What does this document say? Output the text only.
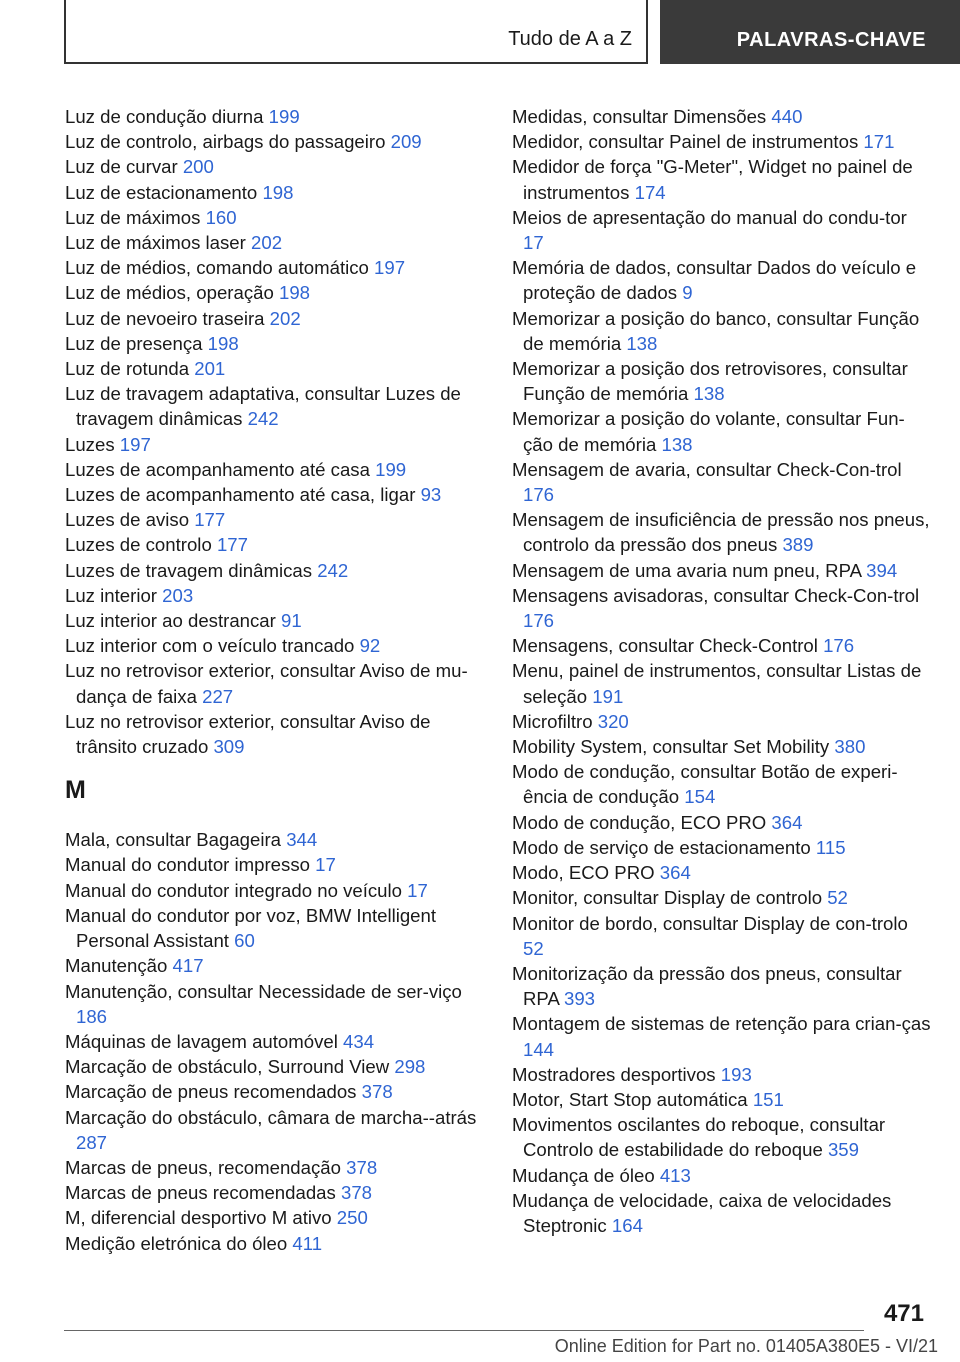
Tudo de A a Z	PALAVRAS-CHAVE

Luz de condução diurna 199

Luz de controlo, airbags do passageiro 209

Luz de curvar 200

Luz de estacionamento 198

Luz de máximos 160

Luz de máximos laser 202

Luz de médios, comando automático 197

Luz de médios, operação 198

Luz de nevoeiro traseira 202

Luz de presença 198

Luz de rotunda 201

Luz de travagem adaptativa, consultar Luzes de travagem dinâmicas 242

Luzes 197

Luzes de acompanhamento até casa 199

Luzes de acompanhamento até casa, ligar 93

Luzes de aviso 177

Luzes de controlo 177

Luzes de travagem dinâmicas 242

Luz interior 203

Luz interior ao destrancar 91

Luz interior com o veículo trancado 92

Luz no retrovisor exterior, consultar Aviso de mu-dança de faixa 227

Luz no retrovisor exterior, consultar Aviso de trânsito cruzado 309

M

Mala, consultar Bagageira 344

Manual do condutor impresso 17

Manual do condutor integrado no veículo 17

Manual do condutor por voz, BMW Intelligent Personal Assistant 60

Manutenção 417

Manutenção, consultar Necessidade de ser-viço 186

Máquinas de lavagem automóvel 434

Marcação de obstáculo, Surround View 298

Marcação de pneus recomendados 378

Marcação do obstáculo, câmara de marcha--atrás 287

Marcas de pneus, recomendação 378

Marcas de pneus recomendadas 378

M, diferencial desportivo M ativo 250

Medição eletrónica do óleo 411

Medidas, consultar Dimensões 440

Medidor, consultar Painel de instrumentos 171

Medidor de força "G-Meter", Widget no painel de instrumentos 174

Meios de apresentação do manual do condu-tor 17

Memória de dados, consultar Dados do veículo e proteção de dados 9

Memorizar a posição do banco, consultar Função de memória 138

Memorizar a posição dos retrovisores, consultar Função de memória 138

Memorizar a posição do volante, consultar Fun-ção de memória 138

Mensagem de avaria, consultar Check-Con-trol 176

Mensagem de insuficiência de pressão nos pneus, controlo da pressão dos pneus 389

Mensagem de uma avaria num pneu, RPA 394

Mensagens avisadoras, consultar Check-Con-trol 176

Mensagens, consultar Check-Control 176

Menu, painel de instrumentos, consultar Listas de seleção 191

Microfiltro 320

Mobility System, consultar Set Mobility 380

Modo de condução, consultar Botão de experi-ência de condução 154

Modo de condução, ECO PRO 364

Modo de serviço de estacionamento 115

Modo, ECO PRO 364

Monitor, consultar Display de controlo 52

Monitor de bordo, consultar Display de con-trolo 52

Monitorização da pressão dos pneus, consultar RPA 393

Montagem de sistemas de retenção para crian-ças 144

Mostradores desportivos 193

Motor, Start Stop automática 151

Movimentos oscilantes do reboque, consultar Controlo de estabilidade do reboque 359

Mudança de óleo 413

Mudança de velocidade, caixa de velocidades Steptronic 164

471
Online Edition for Part no. 01405A380E5 - VI/21
